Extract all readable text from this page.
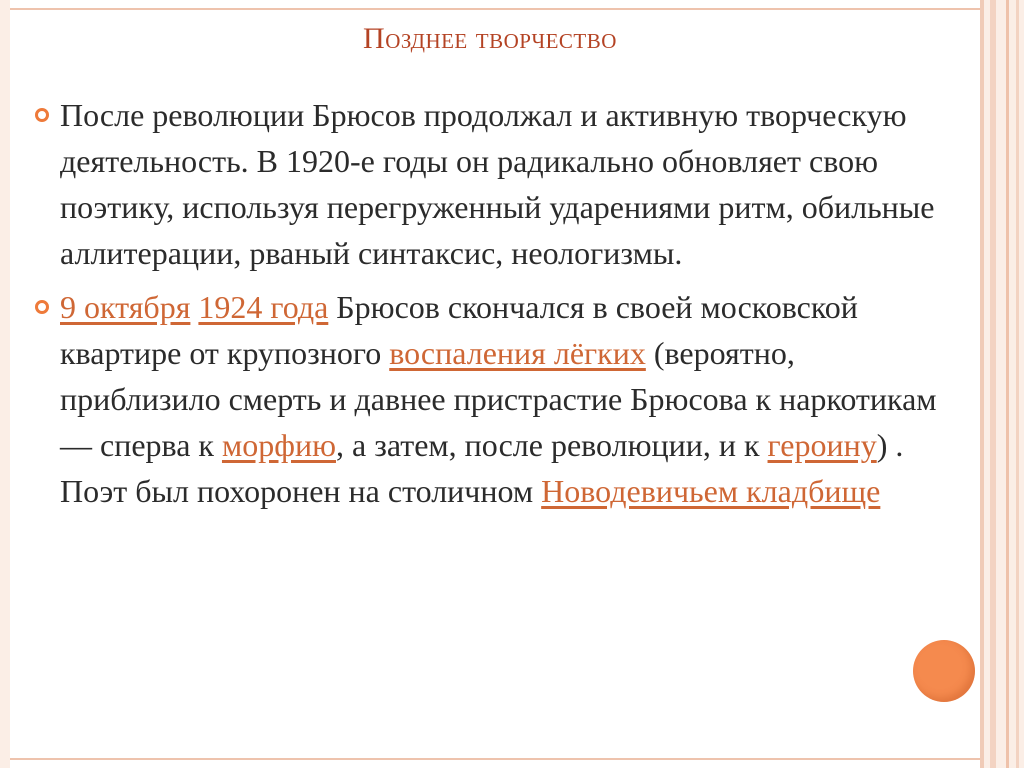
Позднее творчество
После революции Брюсов продолжал и активную творческую деятельность. В 1920-е годы он радикально обновляет свою поэтику, используя перегруженный ударениями ритм, обильные аллитерации, рваный синтаксис, неологизмы.
9 октября 1924 года Брюсов скончался в своей московской квартире от крупозного воспаления лёгких (вероятно, приблизило смерть и давнее пристрастие Брюсова к наркотикам — сперва к морфию, а затем, после революции, и к героину) . Поэт был похоронен на столичном Новодевичьем кладбище
